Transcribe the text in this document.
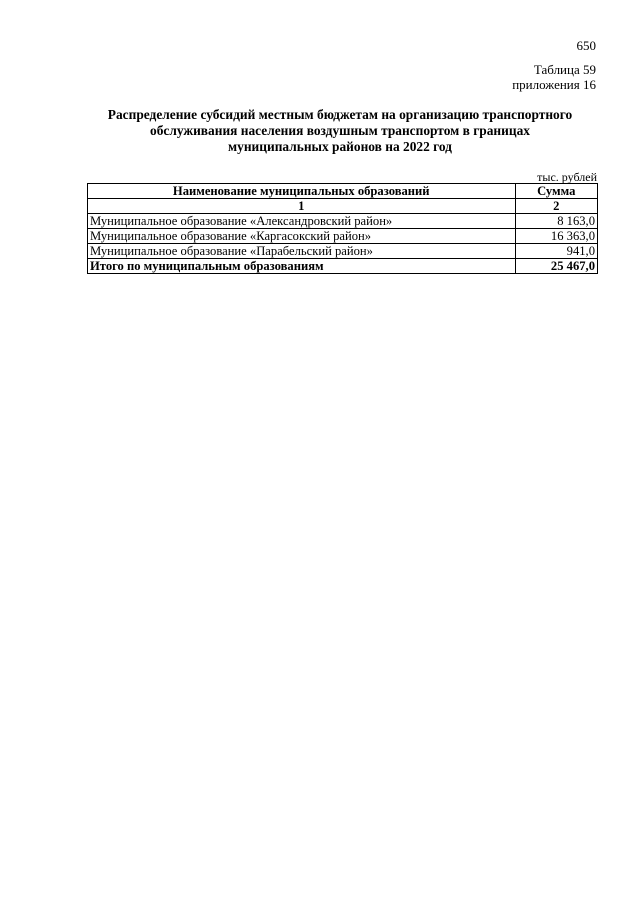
650
Таблица 59
приложения 16
Распределение субсидий местным бюджетам на организацию транспортного
обслуживания населения воздушным транспортом в границах
муниципальных районов на 2022 год
тыс. рублей
Наименование муниципальных образований	Сумма
1	2
Муниципальное образование «Александровский район»	8 163,0
Муниципальное образование «Каргасокский район»	16 363,0
Муниципальное образование «Парабельский район»	941,0
Итого по муниципальным образованиям	25 467,0
